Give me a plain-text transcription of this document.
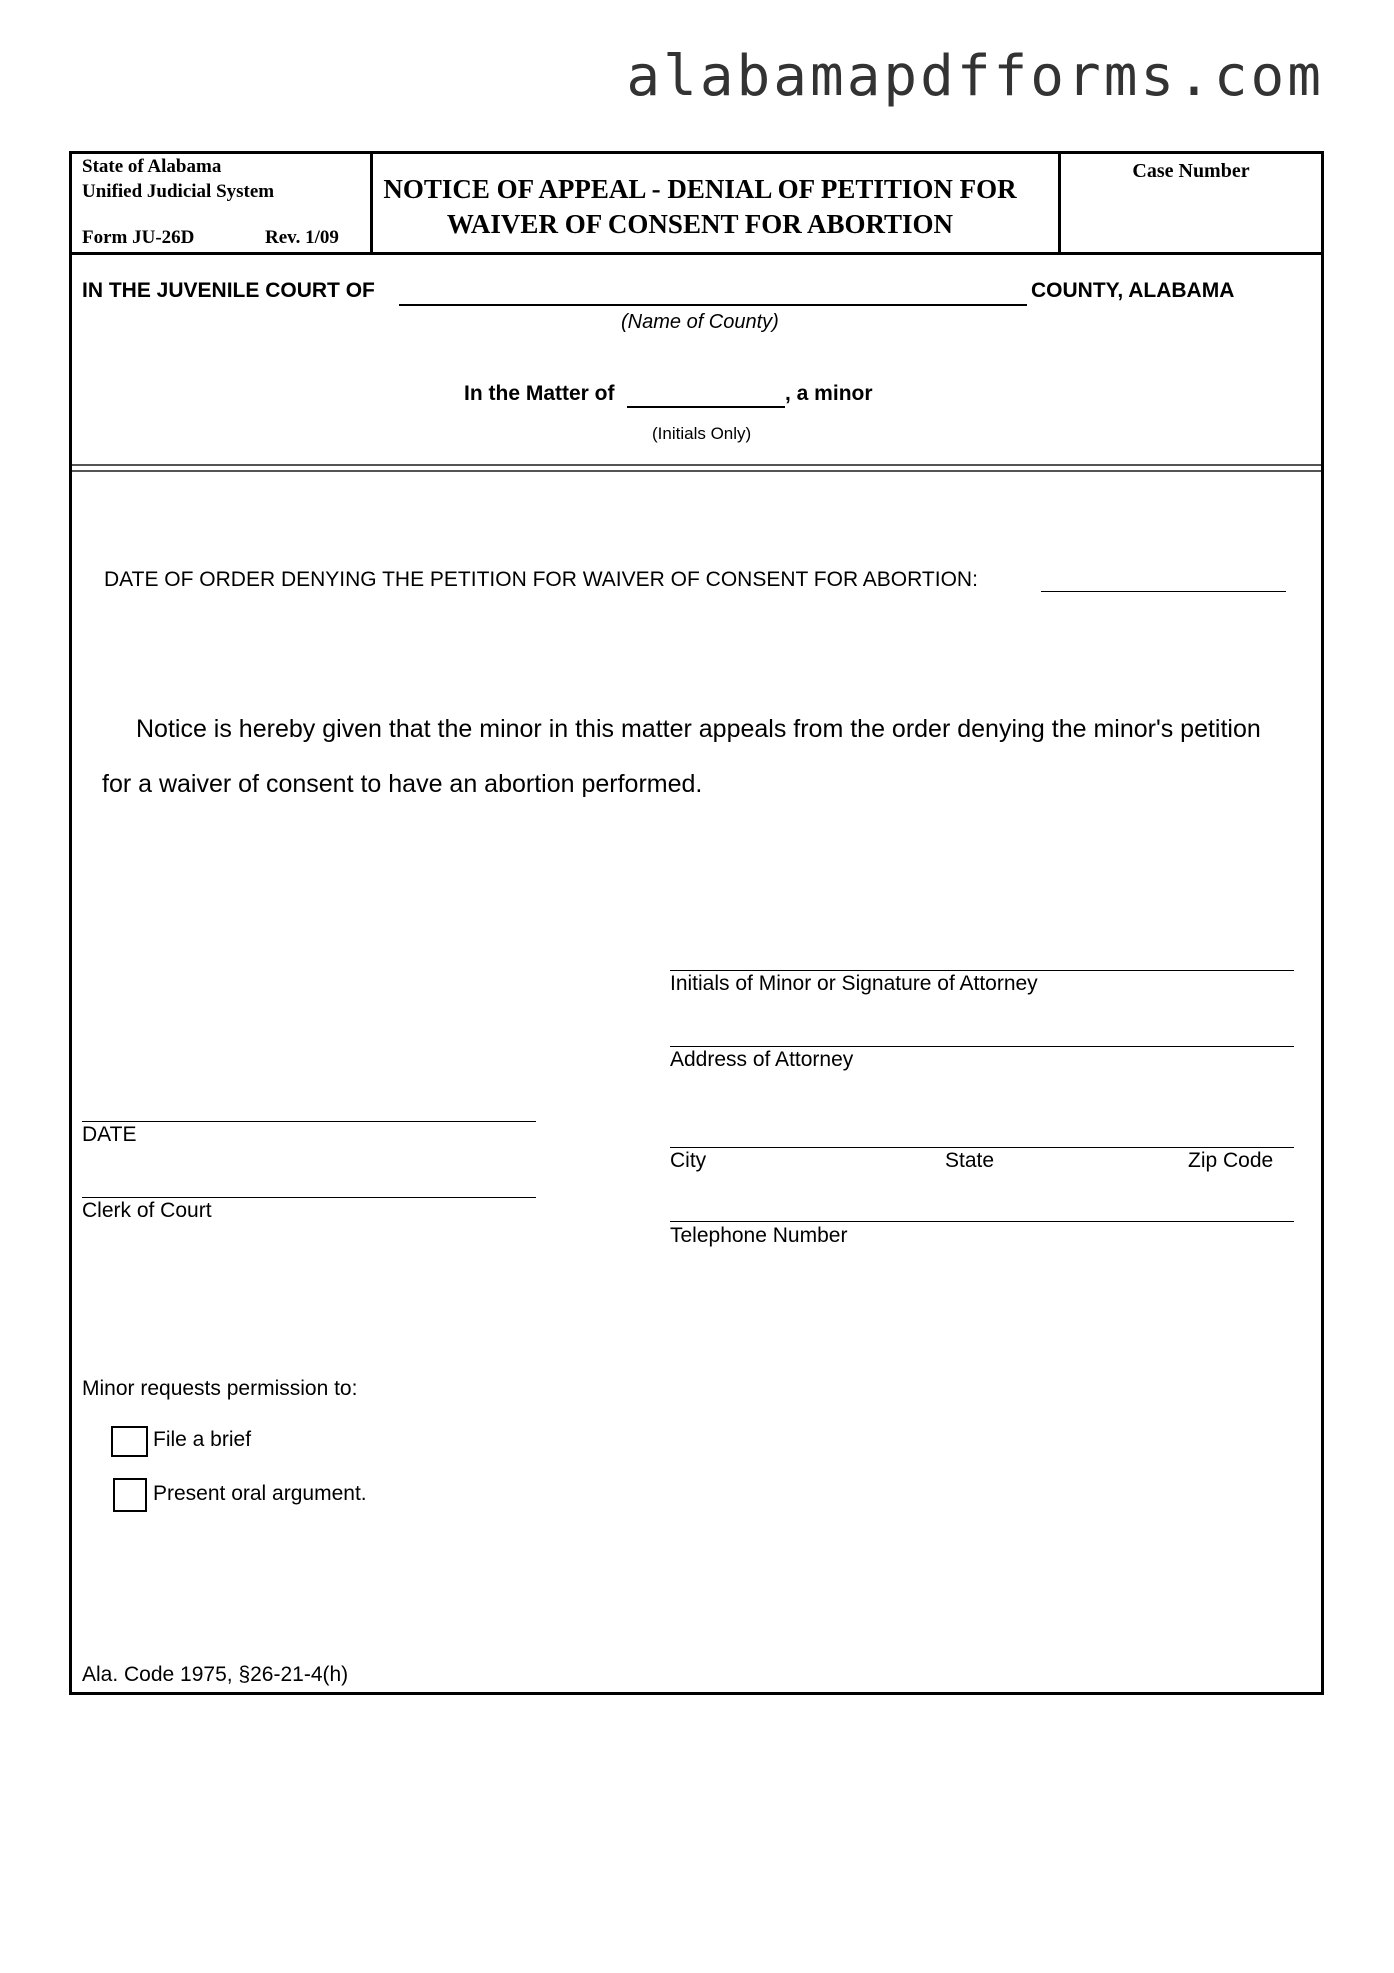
alabamapdfforms.com
State of Alabama
Unified Judicial System
Form JU-26D	Rev. 1/09
NOTICE OF APPEAL - DENIAL OF PETITION FOR
WAIVER OF CONSENT FOR ABORTION
Case Number
IN THE JUVENILE COURT OF	COUNTY, ALABAMA
(Name of County)
In the Matter of	, a minor
(Initials Only)
DATE OF ORDER DENYING THE PETITION FOR WAIVER OF CONSENT FOR ABORTION:
Notice is hereby given that the minor in this matter appeals from the order denying the minor's petition
for a waiver of consent to have an abortion performed.
Initials of Minor or Signature of Attorney
Address of Attorney
City	State	Zip Code
Telephone Number
DATE
Clerk of Court
Minor requests permission to:
File a brief
Present oral argument.
Ala. Code 1975, §26-21-4(h)
